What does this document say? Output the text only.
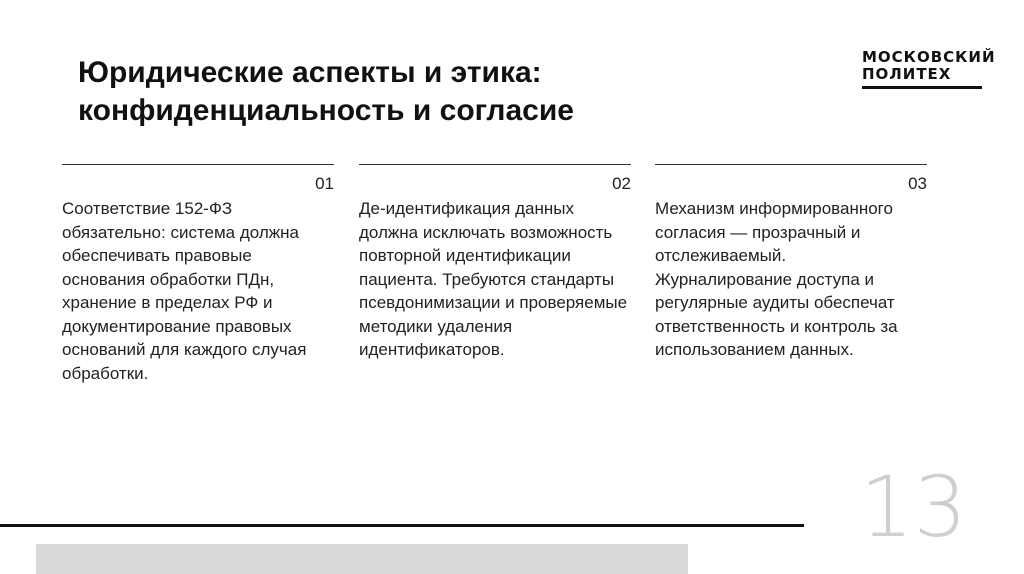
Юридические аспекты и этика:
конфиденциальность и согласие
МОСКОВСКИЙ
ПОЛИТЕХ
01
Соответствие 152-ФЗ обязательно: система должна обеспечивать правовые основания обработки ПДн, хранение в пределах РФ и документирование правовых оснований для каждого случая обработки.
02
Де-идентификация данных должна исключать возможность повторной идентификации пациента. Требуются стандарты псевдонимизации и проверяемые методики удаления идентификаторов.
03
Механизм информированного согласия — прозрачный и отслеживаемый. Журналирование доступа и регулярные аудиты обеспечат ответственность и контроль за использованием данных.
13
